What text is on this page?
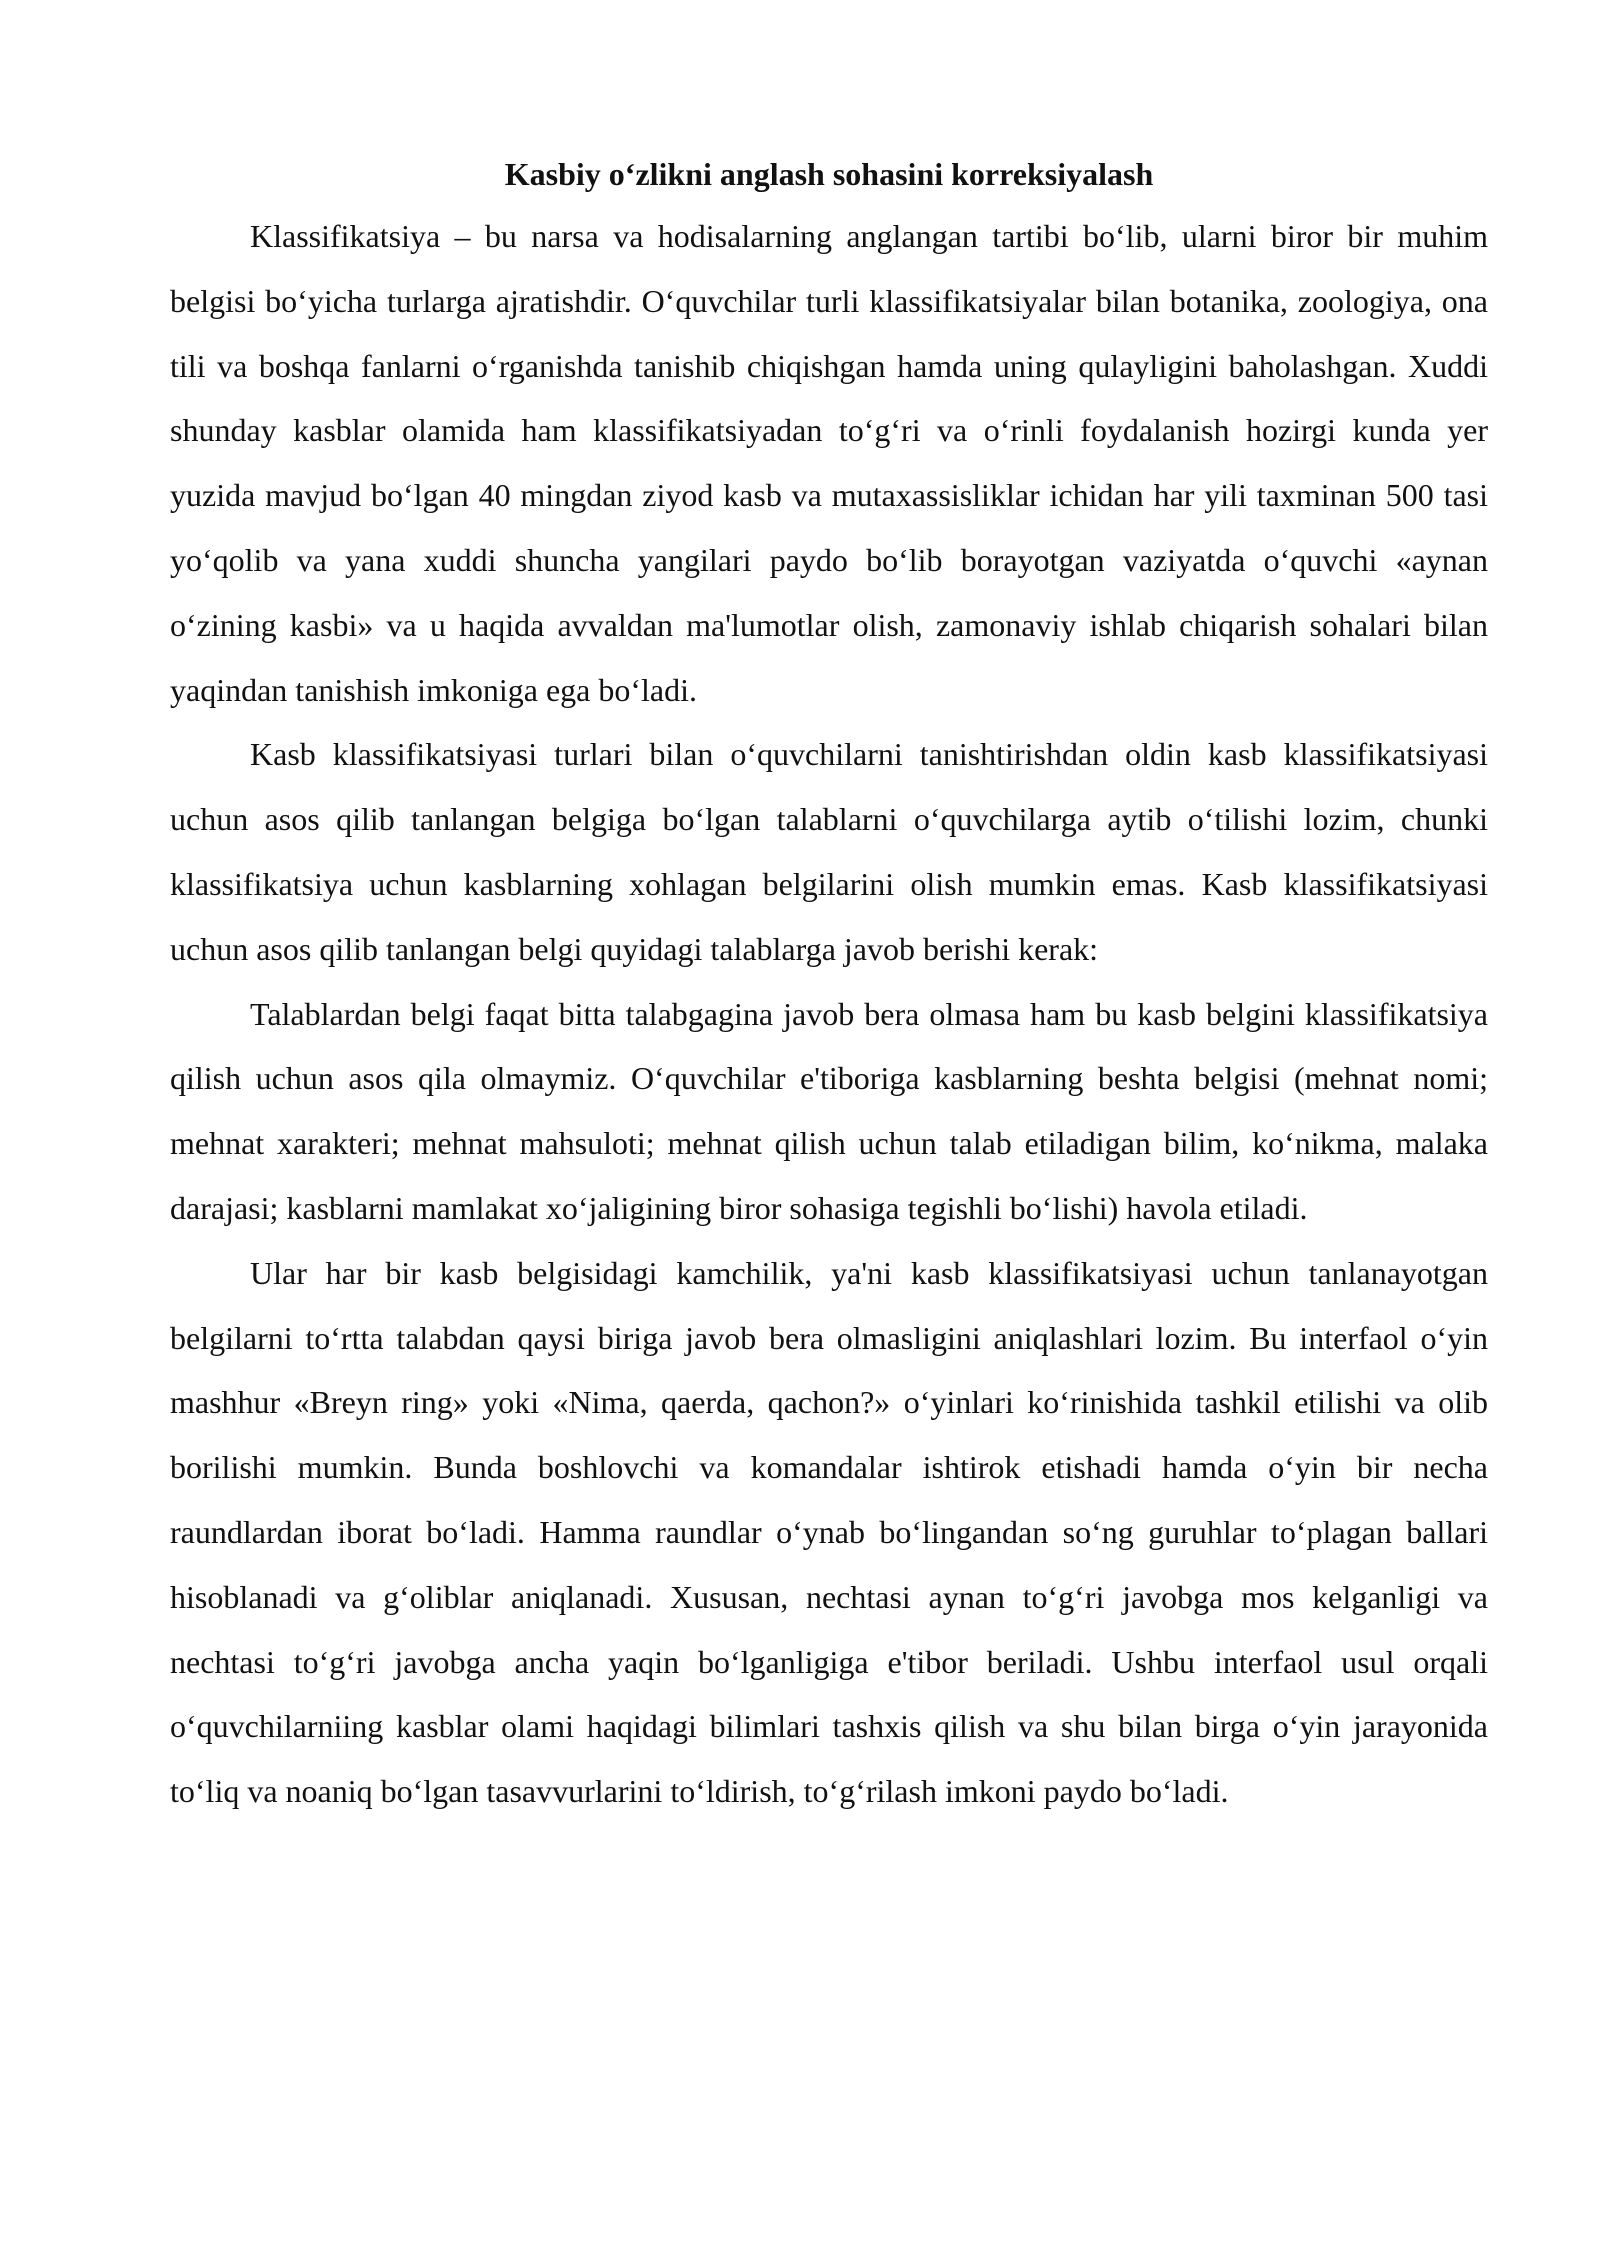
Kasbiy o‘zlikni anglash sohasini korreksiyalash

Klassifikatsiya – bu narsa va hodisalarning anglangan tartibi bo‘lib, ularni biror bir muhim belgisi bo‘yicha turlarga ajratishdir. O‘quvchilar turli klassifikatsiyalar bilan botanika, zoologiya, ona tili va boshqa fanlarni o‘rganishda tanishib chiqishgan hamda uning qulayligini baholashgan. Xuddi shunday kasblar olamida ham klassifikatsiyadan to‘g‘ri va o‘rinli foydalanish hozirgi kunda yer yuzida mavjud bo‘lgan 40 mingdan ziyod kasb va mutaxassisliklar ichidan har yili taxminan 500 tasi yo‘qolib va yana xuddi shuncha yangilari paydo bo‘lib borayotgan vaziyatda o‘quvchi «aynan o‘zining kasbi» va u haqida avvaldan ma'lumotlar olish, zamonaviy ishlab chiqarish sohalari bilan yaqindan tanishish imkoniga ega bo‘ladi.

Kasb klassifikatsiyasi turlari bilan o‘quvchilarni tanishtirishdan oldin kasb klassifikatsiyasi uchun asos qilib tanlangan belgiga bo‘lgan talablarni o‘quvchilarga aytib o‘tilishi lozim, chunki klassifikatsiya uchun kasblarning xohlagan belgilarini olish mumkin emas. Kasb klassifikatsiyasi uchun asos qilib tanlangan belgi quyidagi talablarga javob berishi kerak:

Talablardan belgi faqat bitta talabgagina javob bera olmasa ham bu kasb belgini klassifikatsiya qilish uchun asos qila olmaymiz. O‘quvchilar e'tiboriga kasblarning beshta belgisi (mehnat nomi; mehnat xarakteri; mehnat mahsuloti; mehnat qilish uchun talab etiladigan bilim, ko‘nikma, malaka darajasi; kasblarni mamlakat xo‘jaligining biror sohasiga tegishli bo‘lishi) havola etiladi.

Ular har bir kasb belgisidagi kamchilik, ya'ni kasb klassifikatsiyasi uchun tanlanayotgan belgilarni to‘rtta talabdan qaysi biriga javob bera olmasligini aniqlashlari lozim. Bu interfaol o‘yin mashhur «Breyn ring» yoki «Nima, qaerda, qachon?» o‘yinlari ko‘rinishida tashkil etilishi va olib borilishi mumkin. Bunda boshlovchi va komandalar ishtirok etishadi hamda o‘yin bir necha raundlardan iborat bo‘ladi. Hamma raundlar o‘ynab bo‘lingandan so‘ng guruhlar to‘plagan ballari hisoblanadi va g‘oliblar aniqlanadi. Xususan, nechtasi aynan to‘g‘ri javobga mos kelganligi va nechtasi to‘g‘ri javobga ancha yaqin bo‘lganligiga e'tibor beriladi. Ushbu interfaol usul orqali o‘quvchilarniing kasblar olami haqidagi bilimlari tashxis qilish va shu bilan birga o‘yin jarayonida to‘liq va noaniq bo‘lgan tasavvurlarini to‘ldirish, to‘g‘rilash imkoni paydo bo‘ladi.
